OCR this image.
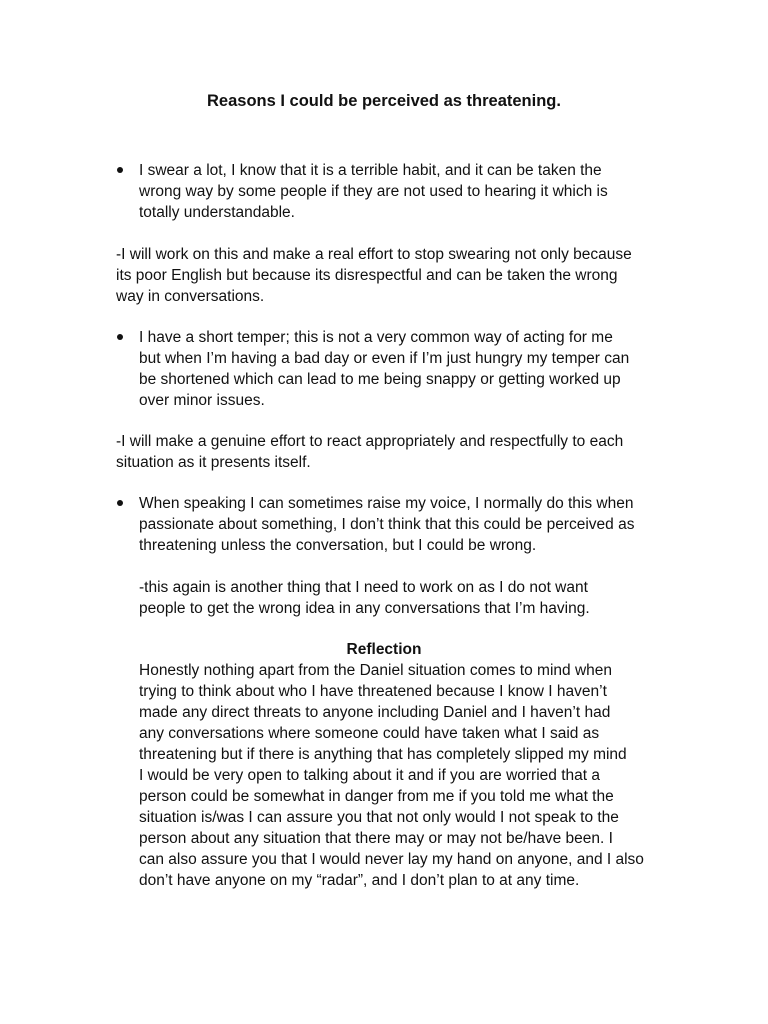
Reasons I could be perceived as threatening.
I swear a lot, I know that it is a terrible habit, and it can be taken the
wrong way by some people if they are not used to hearing it which is
totally understandable.
-I will work on this and make a real effort to stop swearing not only because
its poor English but because its disrespectful and can be taken the wrong
way in conversations.
I have a short temper; this is not a very common way of acting for me
but when I’m having a bad day or even if I’m just hungry my temper can
be shortened which can lead to me being snappy or getting worked up
over minor issues.
-I will make a genuine effort to react appropriately and respectfully to each
situation as it presents itself.
When speaking I can sometimes raise my voice, I normally do this when
passionate about something, I don’t think that this could be perceived as
threatening unless the conversation, but I could be wrong.
-this again is another thing that I need to work on as I do not want
people to get the wrong idea in any conversations that I’m having.
Reflection
Honestly nothing apart from the Daniel situation comes to mind when
trying to think about who I have threatened because I know I haven’t
made any direct threats to anyone including Daniel and I haven’t had
any conversations where someone could have taken what I said as
threatening but if there is anything that has completely slipped my mind
I would be very open to talking about it and if you are worried that a
person could be somewhat in danger from me if you told me what the
situation is/was I can assure you that not only would I not speak to the
person about any situation that there may or may not be/have been. I
can also assure you that I would never lay my hand on anyone, and I also
don’t have anyone on my “radar”, and I don’t plan to at any time.
